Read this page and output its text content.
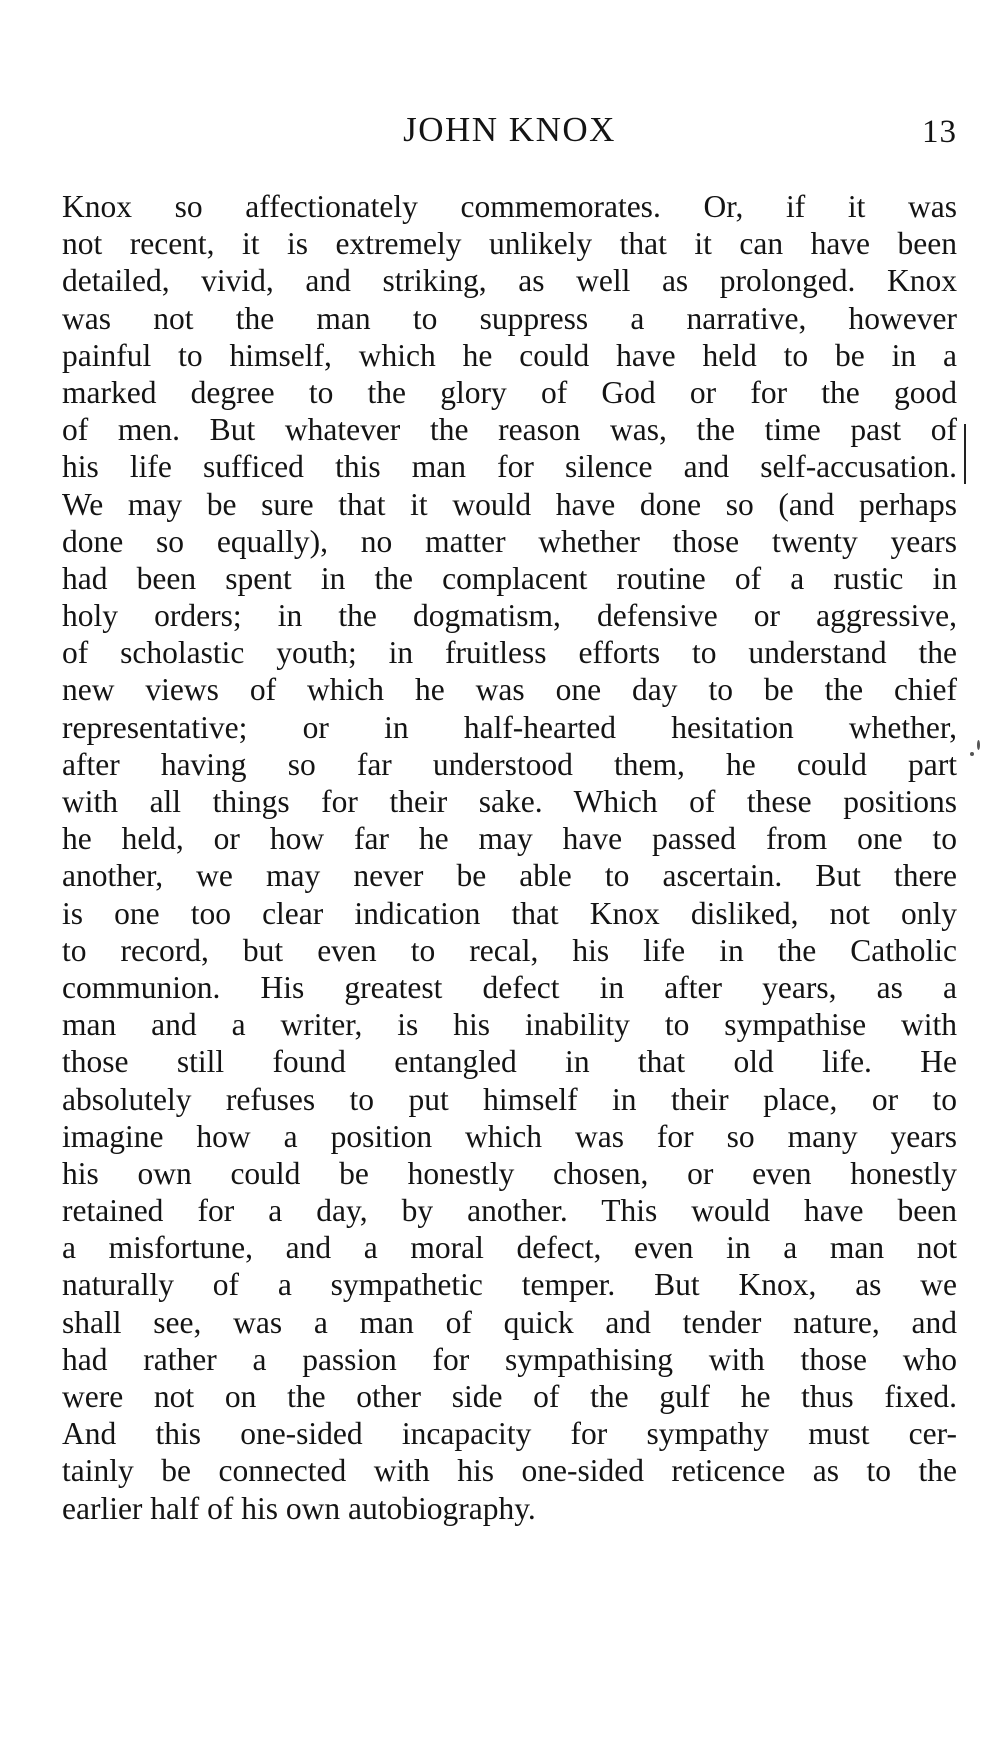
JOHN KNOX	13
Knox so affectionately commemorates. Or, if it was
not recent, it is extremely unlikely that it can have been
detailed, vivid, and striking, as well as prolonged. Knox
was not the man to suppress a narrative, however
painful to himself, which he could have held to be in a
marked degree to the glory of God or for the good
of men. But whatever the reason was, the time past of
his life sufficed this man for silence and self-accusation.
We may be sure that it would have done so (and perhaps
done so equally), no matter whether those twenty years
had been spent in the complacent routine of a rustic in
holy orders; in the dogmatism, defensive or aggressive,
of scholastic youth; in fruitless efforts to understand the
new views of which he was one day to be the chief
representative; or in half-hearted hesitation whether,
after having so far understood them, he could part
with all things for their sake. Which of these positions
he held, or how far he may have passed from one to
another, we may never be able to ascertain. But there
is one too clear indication that Knox disliked, not only
to record, but even to recal, his life in the Catholic
communion. His greatest defect in after years, as a
man and a writer, is his inability to sympathise with
those still found entangled in that old life. He
absolutely refuses to put himself in their place, or to
imagine how a position which was for so many years
his own could be honestly chosen, or even honestly
retained for a day, by another. This would have been
a misfortune, and a moral defect, even in a man not
naturally of a sympathetic temper. But Knox, as we
shall see, was a man of quick and tender nature, and
had rather a passion for sympathising with those who
were not on the other side of the gulf he thus fixed.
And this one-sided incapacity for sympathy must cer-
tainly be connected with his one-sided reticence as to the
earlier half of his own autobiography.
